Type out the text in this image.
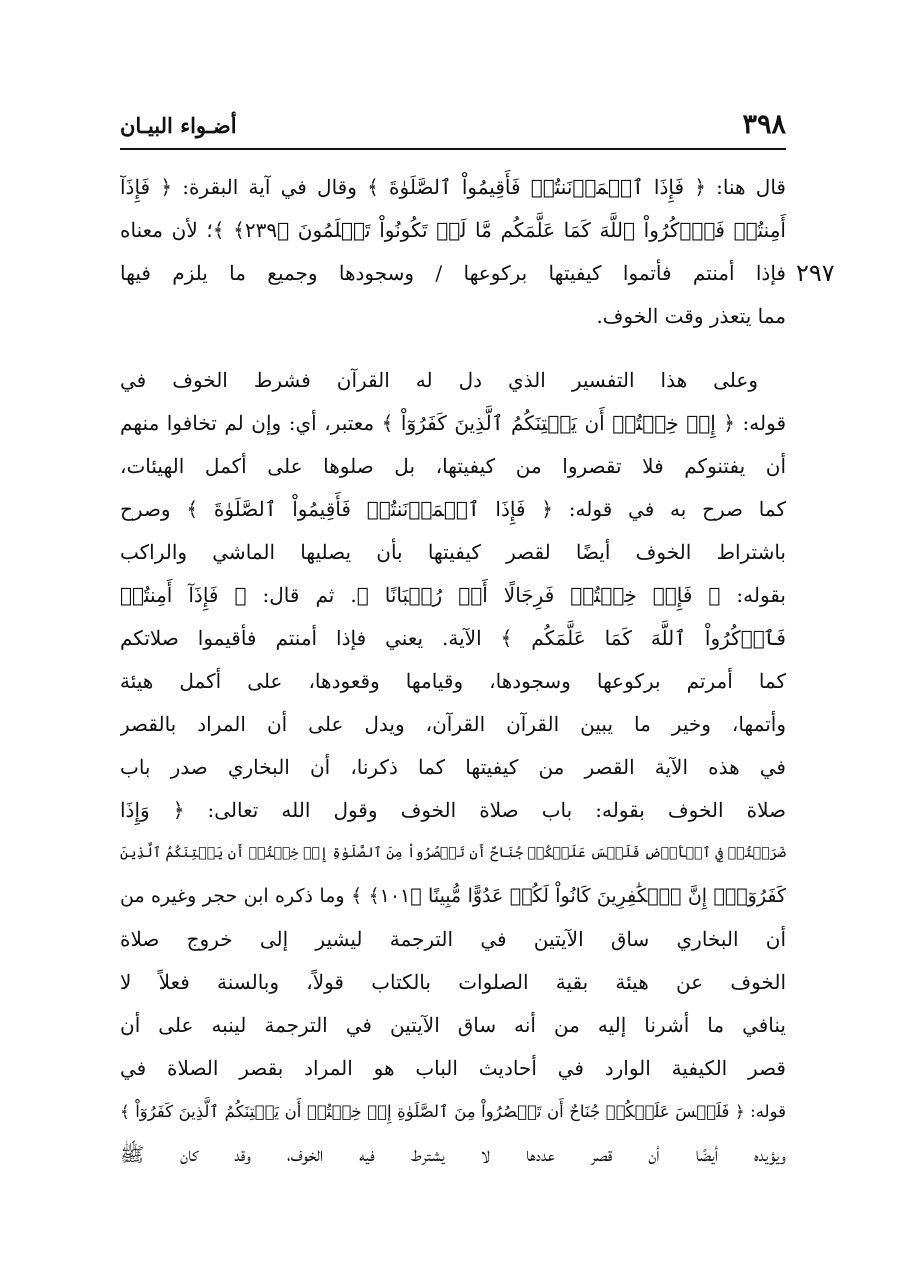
٣٩٨
أضـواء البيـان
٢٩٧
قال هنا: ﴿ فَإِذَا ٱطۡمَأۡنَنتُمۡ فَأَقِيمُواْ ٱلصَّلَوٰةَ ﴾ وقال في آية البقرة: ﴿ فَإِذَآ
أَمِنتُمۡ فَٱذۡكُرُواْ ٱللَّهَ كَمَا عَلَّمَكُم مَّا لَمۡ تَكُونُواْ تَعۡلَمُونَ ﴿٢٣٩﴾ ﴾؛ لأن معناه
فإذا أمنتم فأتموا كيفيتها بركوعها / وسجودها وجميع ما يلزم فيها
مما يتعذر وقت الخوف.
وعلى هذا التفسير الذي دل له القرآن فشرط الخوف في
قوله: ﴿ إِنۡ خِفۡتُمۡ أَن يَفۡتِنَكُمُ ٱلَّذِينَ كَفَرُوٓاْ ﴾ معتبر، أي: وإن لم تخافوا منهم
أن يفتنوكم فلا تقصروا من كيفيتها، بل صلوها على أكمل الهيئات،
كما صرح به في قوله: ﴿ فَإِذَا ٱطۡمَأۡنَنتُمۡ فَأَقِيمُواْ ٱلصَّلَوٰةَ ﴾ وصرح
باشتراط الخوف أيضًا لقصر كيفيتها بأن يصليها الماشي والراكب
بقوله: ﴿ فَإِنۡ خِفۡتُمۡ فَرِجَالًا أَوۡ رُكۡبَانًا ﴾. ثم قال: ﴿ فَإِذَآ أَمِنتُمۡ
فَٱذۡكُرُواْ ٱللَّهَ كَمَا عَلَّمَكُم ﴾ الآية. يعني فإذا أمنتم فأقيموا صلاتكم
كما أمرتم بركوعها وسجودها، وقيامها وقعودها، على أكمل هيئة
وأتمها، وخير ما يبين القرآن القرآن، ويدل على أن المراد بالقصر
في هذه الآية القصر من كيفيتها كما ذكرنا، أن البخاري صدر باب
صلاة الخوف بقوله: باب صلاة الخوف وقول الله تعالى: ﴿ وَإِذَا
ضَرَبۡتُمۡ فِي ٱلۡأَرۡضِ فَلَيۡسَ عَلَيۡكُمۡ جُنَاحٌ أَن تَقۡصُرُواْ مِنَ ٱلصَّلَوٰةِ إِنۡ خِفۡتُمۡ أَن يَفۡتِنَكُمُ ٱلَّذِينَ
كَفَرُوٓاْۚ إِنَّ ٱلۡكَٰفِرِينَ كَانُواْ لَكُمۡ عَدُوًّا مُّبِينًا ﴿١٠١﴾ ﴾ وما ذكره ابن حجر وغيره من
أن البخاري ساق الآيتين في الترجمة ليشير إلى خروج صلاة
الخوف عن هيئة بقية الصلوات بالكتاب قولاً، وبالسنة فعلاً لا
ينافي ما أشرنا إليه من أنه ساق الآيتين في الترجمة لينبه على أن
قصر الكيفية الوارد في أحاديث الباب هو المراد بقصر الصلاة في
قوله: ﴿ فَلَيۡسَ عَلَيۡكُمۡ جُنَاحٌ أَن تَقۡصُرُواْ مِنَ ٱلصَّلَوٰةِ إِنۡ خِفۡتُمۡ أَن يَفۡتِنَكُمُ ٱلَّذِينَ كَفَرُوٓاْ ﴾
ويؤيده أيضًا أن قصر عددها لا يشترط فيه الخوف، وقد كان ﷺ
